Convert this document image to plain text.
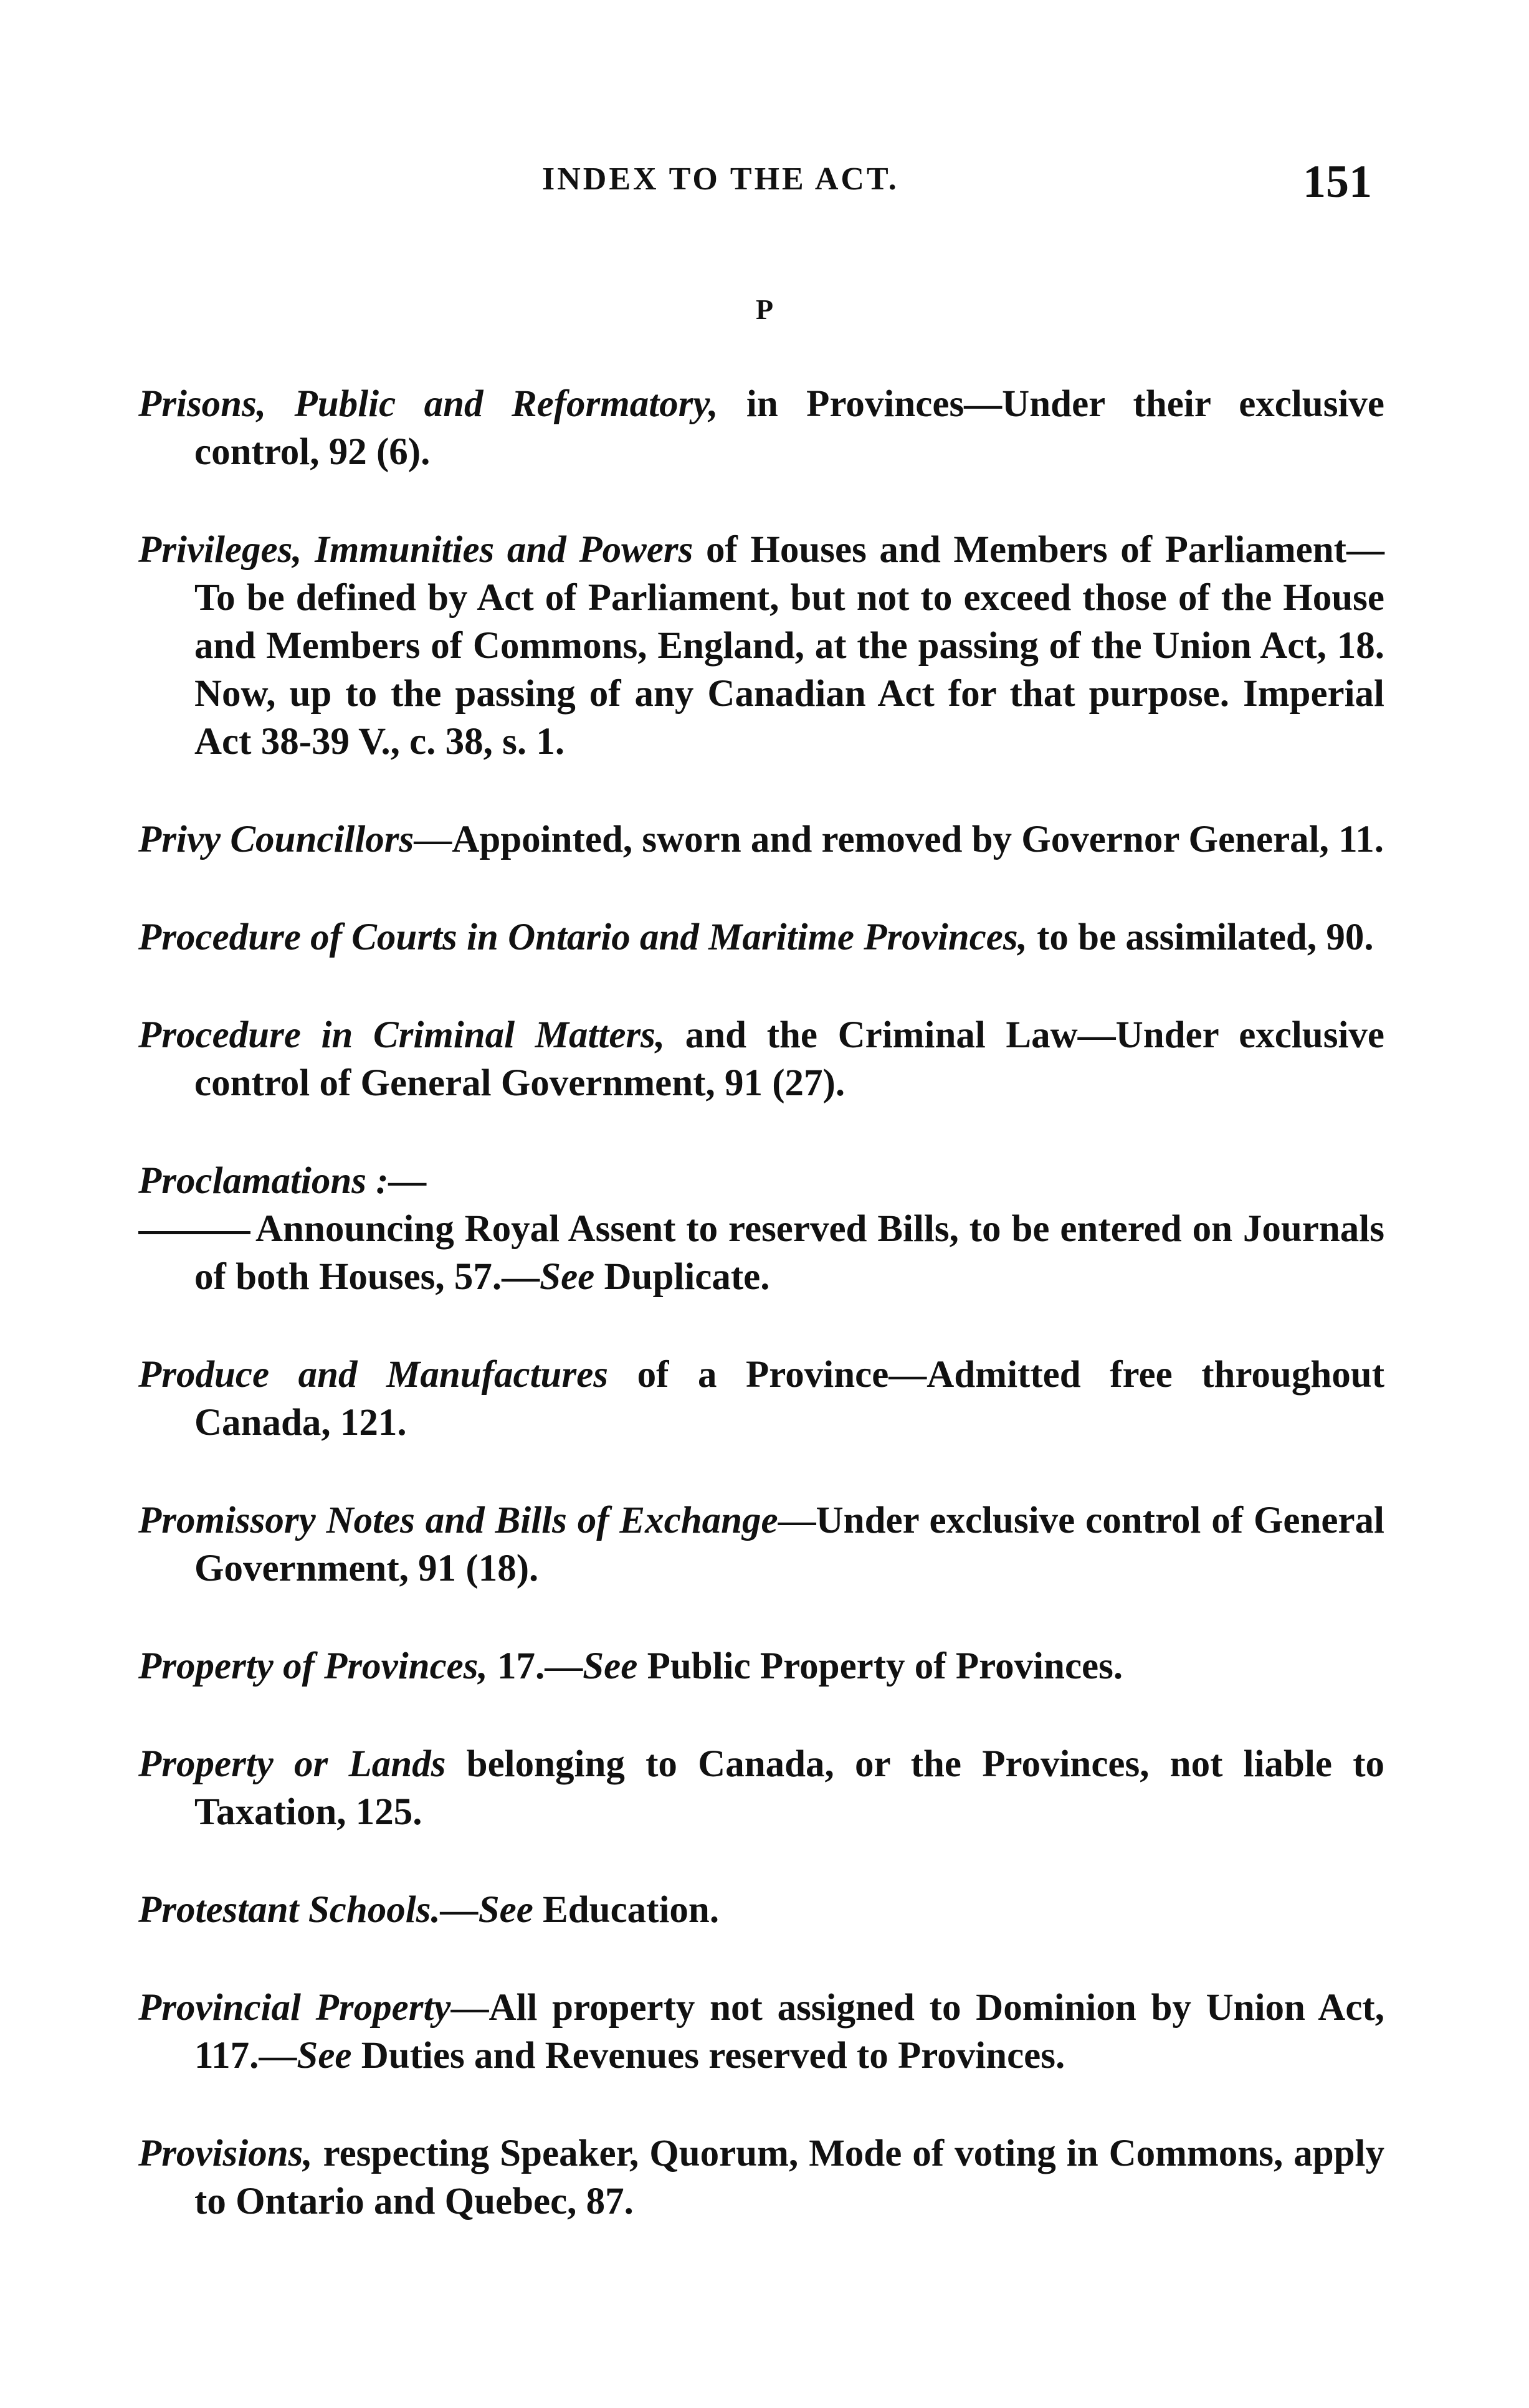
INDEX TO THE ACT.	151
P

Prisons, Public and Reformatory, in Provinces—Under their exclusive control, 92 (6).

Privileges, Immunities and Powers of Houses and Members of Parliament—To be defined by Act of Parliament, but not to exceed those of the House and Members of Commons, England, at the passing of the Union Act, 18. Now, up to the passing of any Canadian Act for that purpose. Imperial Act 38-39 V., c. 38, s. 1.

Privy Councillors—Appointed, sworn and removed by Governor General, 11.

Procedure of Courts in Ontario and Maritime Provinces, to be assimilated, 90.

Procedure in Criminal Matters, and the Criminal Law—Under exclusive control of General Government, 91 (27).

Proclamations :—
Announcing Royal Assent to reserved Bills, to be entered on Journals of both Houses, 57.—See Duplicate.

Produce and Manufactures of a Province—Admitted free throughout Canada, 121.

Promissory Notes and Bills of Exchange—Under exclusive control of General Government, 91 (18).

Property of Provinces, 17.—See Public Property of Provinces.

Property or Lands belonging to Canada, or the Provinces, not liable to Taxation, 125.

Protestant Schools.—See Education.

Provincial Property—All property not assigned to Dominion by Union Act, 117.—See Duties and Revenues reserved to Provinces.

Provisions, respecting Speaker, Quorum, Mode of voting in Commons, apply to Ontario and Quebec, 87.
